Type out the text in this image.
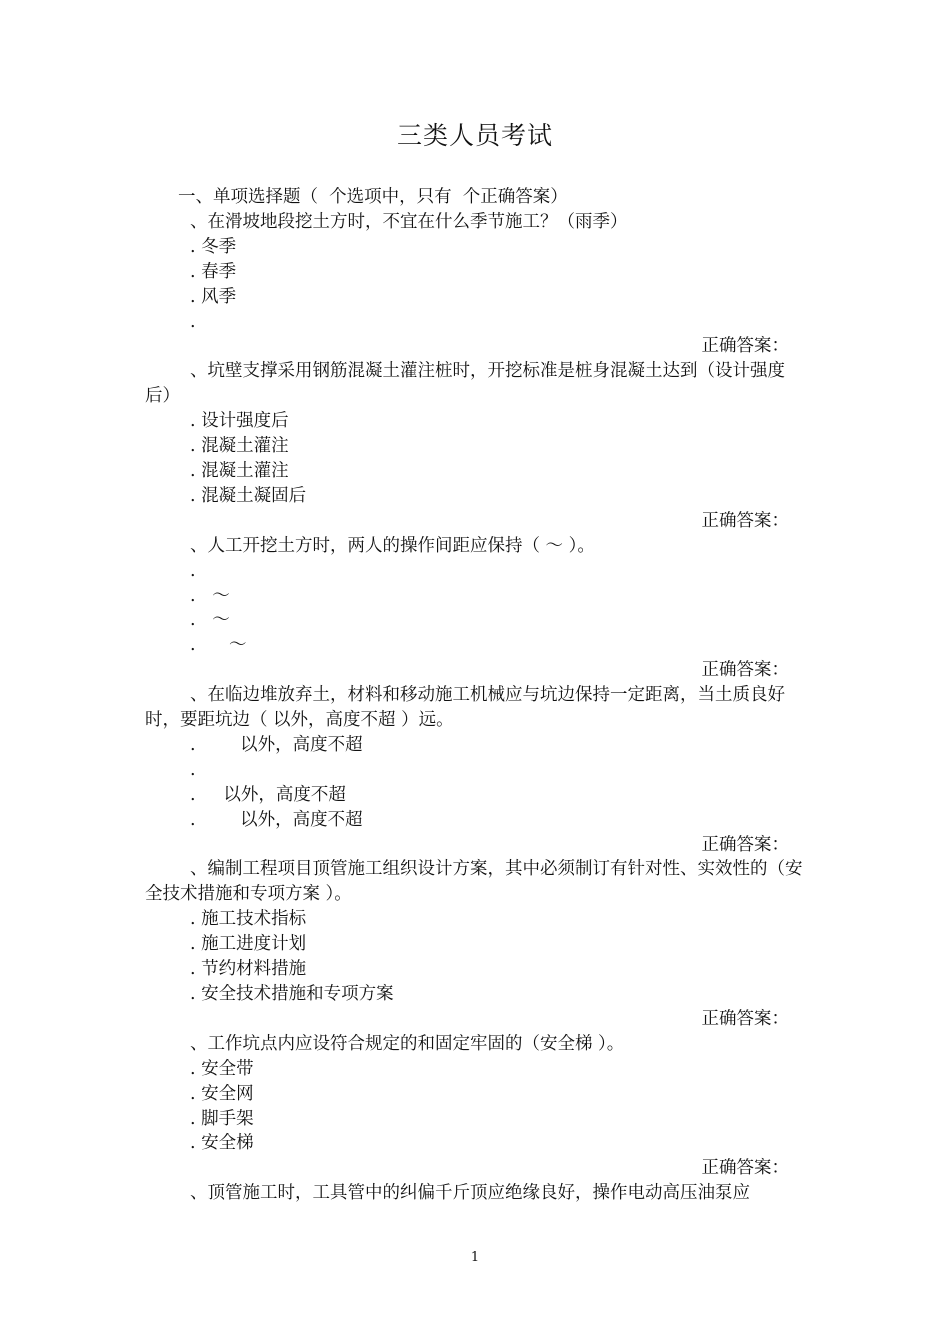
三类人员考试
一、单项选择题（  个选项中，只有  个正确答案）
、在滑坡地段挖土方时，不宜在什么季节施工？（雨季）
. 冬季
. 春季
. 风季
.
正确答案：
、坑壁支撑采用钢筋混凝土灌注桩时，开挖标准是桩身混凝土达到（设计强度后）
. 设计强度后
. 混凝土灌注
. 混凝土灌注
. 混凝土凝固后
正确答案：
、人工开挖土方时，两人的操作间距应保持（ ～ ）。
.
.   ～
.   ～
.      ～
正确答案：
、在临边堆放弃土，材料和移动施工机械应与坑边保持一定距离，当土质良好时，要距坑边（ 以外，高度不超 ）远。
.        以外，高度不超
.
.     以外，高度不超
.        以外，高度不超
正确答案：
、编制工程项目顶管施工组织设计方案，其中必须制订有针对性、实效性的（安全技术措施和专项方案 ）。
. 施工技术指标
. 施工进度计划
. 节约材料措施
. 安全技术措施和专项方案
正确答案：
、工作坑点内应设符合规定的和固定牢固的（安全梯 ）。
. 安全带
. 安全网
. 脚手架
. 安全梯
正确答案：
、顶管施工时，工具管中的纠偏千斤顶应绝缘良好，操作电动高压油泵应
1
